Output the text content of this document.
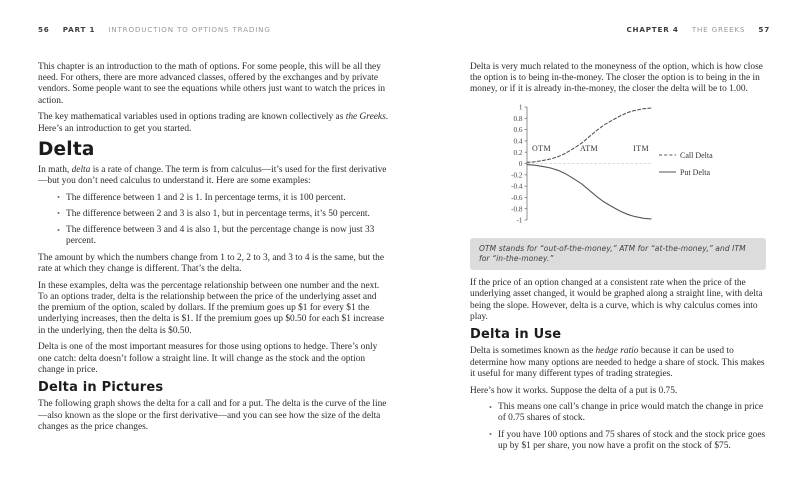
56 PART 1 INTRODUCTION TO OPTIONS TRADING	CHAPTER 4 THE GREEKS 57

This chapter is an introduction to the math of options. For some people, this will be all they need. For others, there are more advanced classes, offered by the exchanges and by private vendors. Some people want to see the equations while others just want to watch the prices in action.

The key mathematical variables used in options trading are known collectively as the Greeks. Here’s an introduction to get you started.

Delta

In math, delta is a rate of change. The term is from calculus—it’s used for the first derivative—but you don’t need calculus to understand it. Here are some examples:

• The difference between 1 and 2 is 1. In percentage terms, it is 100 percent.
• The difference between 2 and 3 is also 1, but in percentage terms, it’s 50 percent.
• The difference between 3 and 4 is also 1, but the percentage change is now just 33 percent.

The amount by which the numbers change from 1 to 2, 2 to 3, and 3 to 4 is the same, but the rate at which they change is different. That’s the delta.

In these examples, delta was the percentage relationship between one number and the next. To an options trader, delta is the relationship between the price of the underlying asset and the premium of the option, scaled by dollars. If the premium goes up $1 for every $1 the underlying increases, then the delta is $1. If the premium goes up $0.50 for each $1 increase in the underlying, then the delta is $0.50.

Delta is one of the most important measures for those using options to hedge. There’s only one catch: delta doesn’t follow a straight line. It will change as the stock and the option change in price.

Delta in Pictures

The following graph shows the delta for a call and for a put. The delta is the curve of the line—also known as the slope or the first derivative—and you can see how the size of the delta changes as the price changes.

Delta is very much related to the moneyness of the option, which is how close the option is to being in-the-money. The closer the option is to being in the in money, or if it is already in-the-money, the closer the delta will be to 1.00.

1
0.8
0.6
0.4
0.2
0
-0.2
-0.4
-0.6
-0.8
-1
OTM	ATM	ITM
Call Delta
Put Delta

OTM stands for “out-of-the-money,” ATM for “at-the-money,” and ITM for “in-the-money.”

If the price of an option changed at a consistent rate when the price of the underlying asset changed, it would be graphed along a straight line, with delta being the slope. However, delta is a curve, which is why calculus comes into play.

Delta in Use

Delta is sometimes known as the hedge ratio because it can be used to determine how many options are needed to hedge a share of stock. This makes it useful for many different types of trading strategies.

Here’s how it works. Suppose the delta of a put is 0.75.

• This means one call’s change in price would match the change in price of 0.75 shares of stock.
• If you have 100 options and 75 shares of stock and the stock price goes up by $1 per share, you now have a profit on the stock of $75.
